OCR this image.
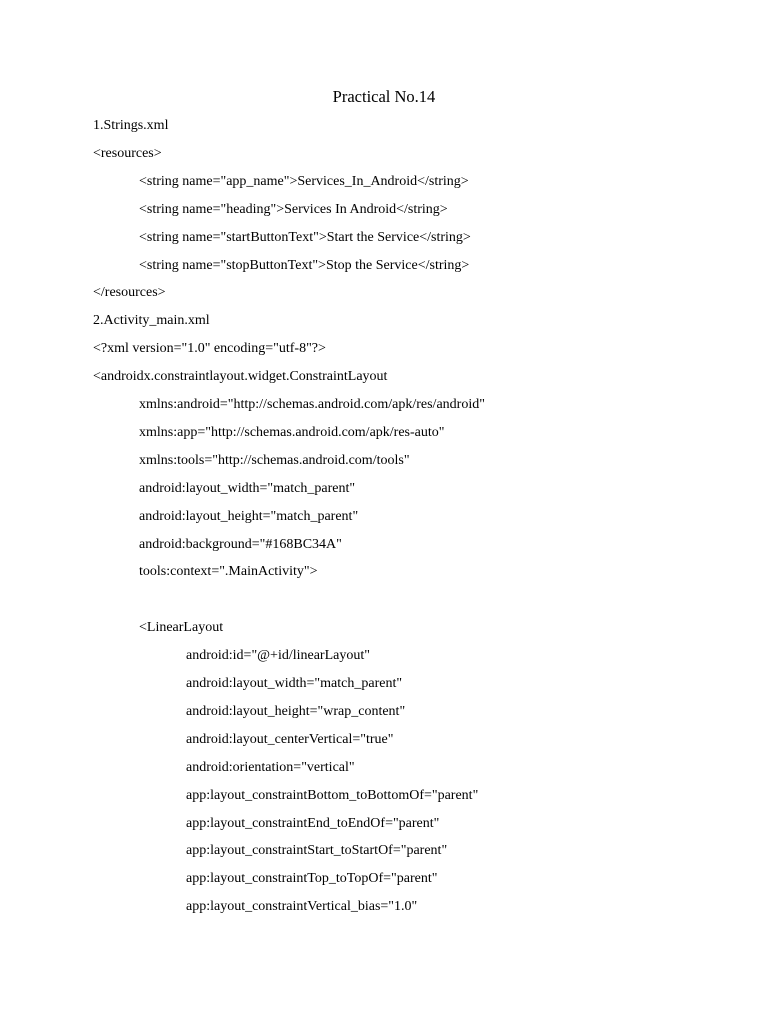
Practical No.14
1.Strings.xml
<resources>
<string name="app_name">Services_In_Android</string>
<string name="heading">Services In Android</string>
<string name="startButtonText">Start the Service</string>
<string name="stopButtonText">Stop the Service</string>
</resources>
2.Activity_main.xml
<?xml version="1.0" encoding="utf-8"?>
<androidx.constraintlayout.widget.ConstraintLayout
xmlns:android="http://schemas.android.com/apk/res/android"
xmlns:app="http://schemas.android.com/apk/res-auto"
xmlns:tools="http://schemas.android.com/tools"
android:layout_width="match_parent"
android:layout_height="match_parent"
android:background="#168BC34A"
tools:context=".MainActivity">
<LinearLayout
android:id="@+id/linearLayout"
android:layout_width="match_parent"
android:layout_height="wrap_content"
android:layout_centerVertical="true"
android:orientation="vertical"
app:layout_constraintBottom_toBottomOf="parent"
app:layout_constraintEnd_toEndOf="parent"
app:layout_constraintStart_toStartOf="parent"
app:layout_constraintTop_toTopOf="parent"
app:layout_constraintVertical_bias="1.0"
